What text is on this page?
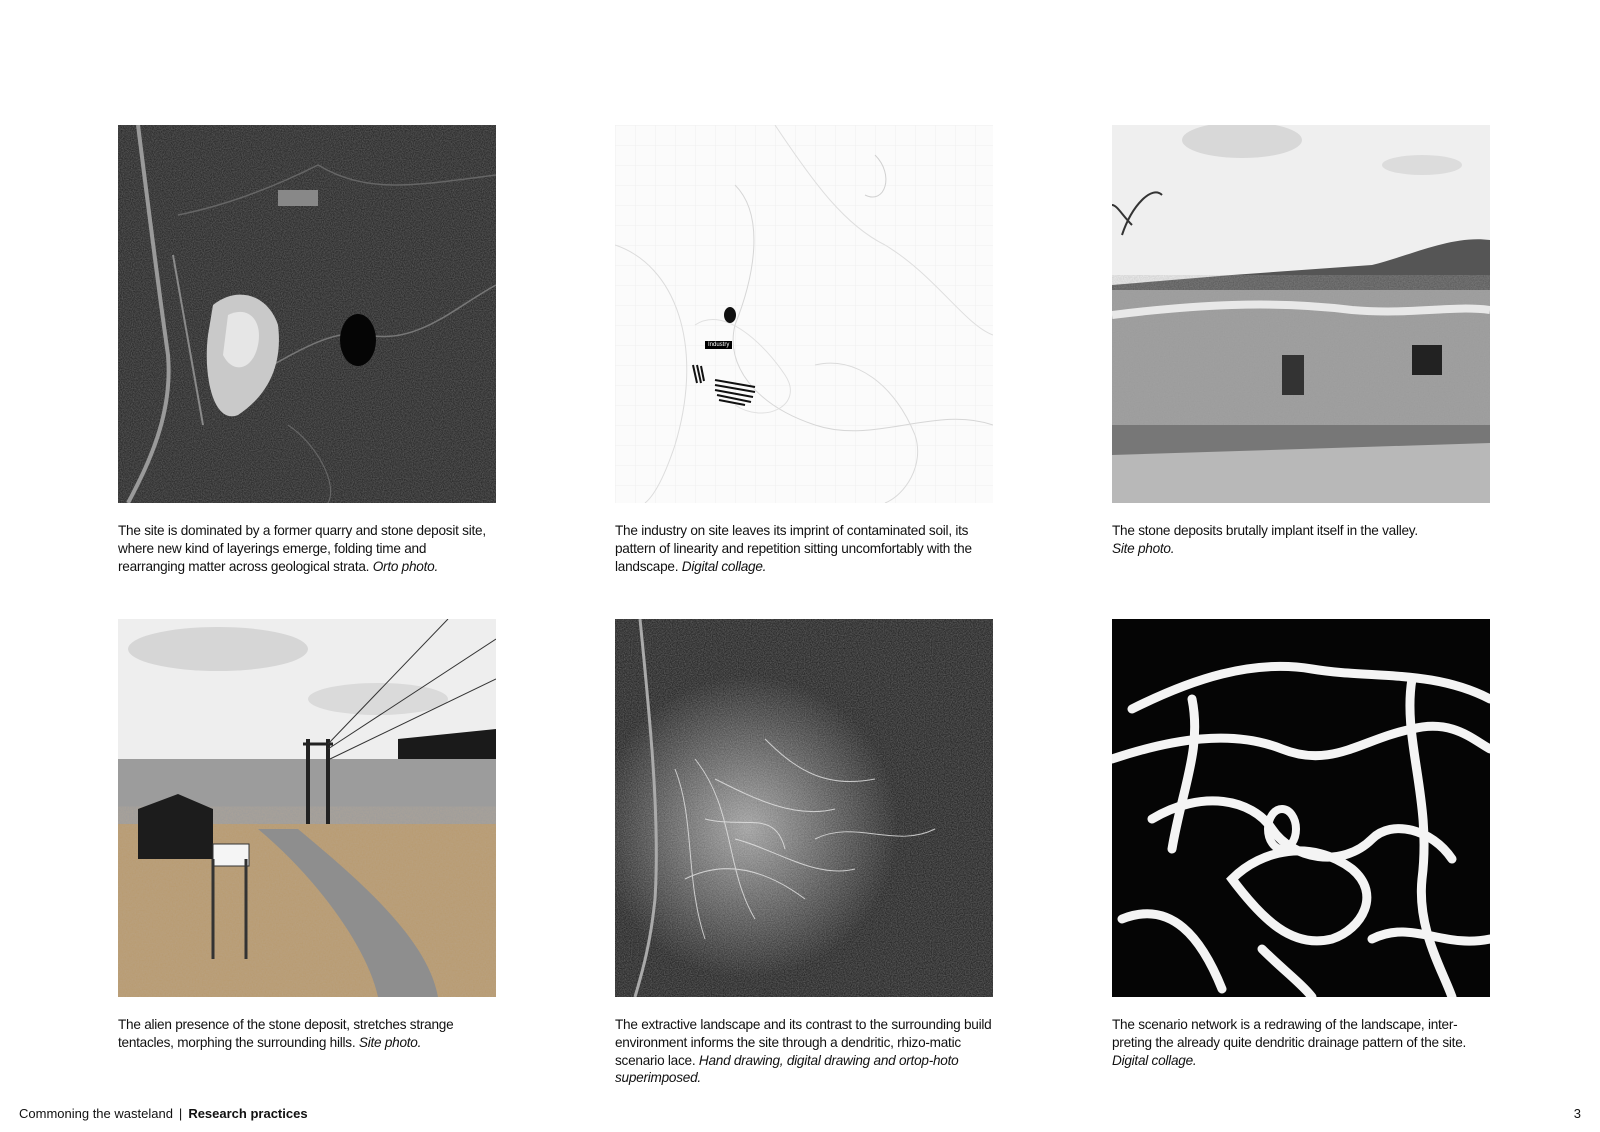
The site is dominated by a former quarry and stone deposit site, where new kind of layerings emerge, folding time and rearranging matter across geological strata. Orto photo.
Industry
The industry on site leaves its imprint of contaminated soil, its pattern of linearity and repetition sitting uncomfortably with the landscape. Digital collage.
The stone deposits brutally implant itself in the valley.
Site photo.
The alien presence of the stone deposit, stretches strange tentacles, morphing the surrounding hills. Site photo.
The extractive landscape and its contrast to the surrounding build environment informs the site through a dendritic, rhizo-matic scenario lace. Hand drawing, digital drawing and ortop-hoto superimposed.
The scenario network is a redrawing of the landscape, inter-preting the already quite dendritic drainage pattern of the site. Digital collage.
Commoning the wasteland | Research practices	3
